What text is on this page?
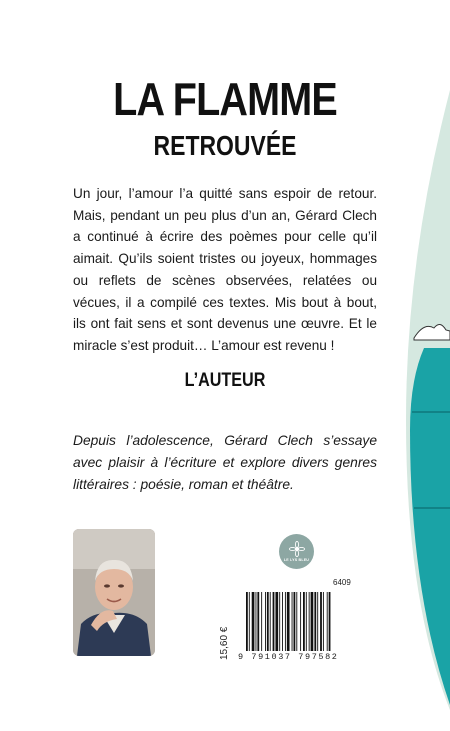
LA FLAMME
RETROUVÉE
Un jour, l’amour l’a quitté sans espoir de retour. Mais, pendant un peu plus d’un an, Gérard Clech a continué à écrire des poèmes pour celle qu’il aimait. Qu’ils soient tristes ou joyeux, hommages ou reflets de scènes observées, relatées ou vécues, il a compilé ces textes. Mis bout à bout, ils ont fait sens et sont devenus une œuvre. Et le miracle s’est produit… L’amour est revenu !
L’AUTEUR
Depuis l’adolescence, Gérard Clech s’essaye avec plaisir à l’écriture et explore divers genres littéraires : poésie, roman et théâtre.
LE LYS BLEU
6409
15,60 € 9 791037 797582
